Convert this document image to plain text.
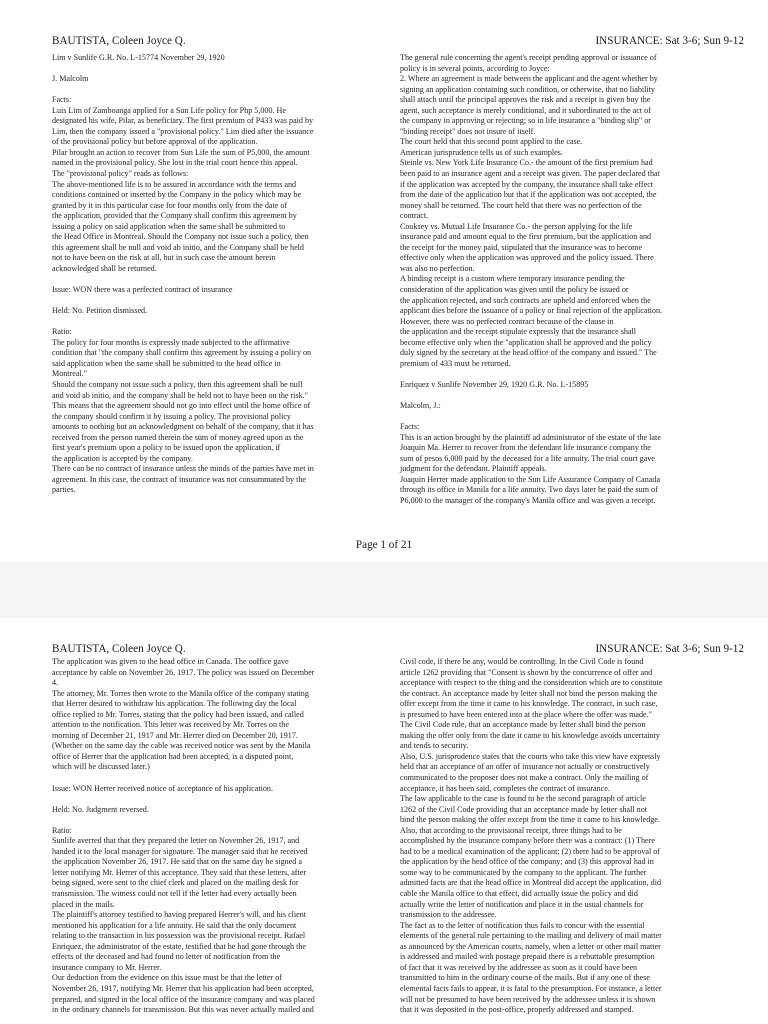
BAUTISTA, Coleen Joyce Q.	INSURANCE: Sat 3-6; Sun 9-12

Lim v Sunlife G.R. No. L-15774 November 29, 1920

J. Malcolm

Facts:

Luis Lim of Zamboanga applied for a Sun Life policy for Php 5,000. He

designated his wife, Pilar, as beneficiary. The first premium of P433 was paid by

Lim, then the company issued a "provisional policy." Lim died after the issuance

of the provisional policy but before approval of the application.

Pilar brought an action to recover from Sun Life the sum of P5,000, the amount

named in the provisional policy. She lost in the trial court hence this appeal.

The "provisional policy" reads as follows:

The above-mentioned life is to be assured in accordance with the terms and

conditions contained or inserted by the Company in the policy which may be

granted by it in this particular case for four months only from the date of

the application, provided that the Company shall confirm this agreement by

issuing a policy on said application when the same shall be submitted to

the Head Office in Montreal. Should the Company not issue such a policy, then

this agreement shall be null and void ab initio, and the Company shall be held

not to have been on the risk at all, but in such case the amount herein

acknowledged shall be returned.

Issue: WON there was a perfected contract of insurance

Held: No. Petition dismissed.

Ratio:

The policy for four months is expressly made subjected to the affirmative

condition that "the company shall confirm this agreement by issuing a policy on

said application when the same shall be submitted to the head office in

Montreal."

Should the company not issue such a policy, then this agreement shall be null

and void ab initio, and the company shall be held not to have been on the risk."

This means that the agreement should not go into effect until the home office of

the company should confirm it by issuing a policy. The provisional policy

amounts to nothing but an acknowledgment on behalf of the company, that it has

received from the person named therein the sum of money agreed upon as the

first year's premium upon a policy to be issued upon the application, if

the application is accepted by the company.

There can be no contract of insurance unless the minds of the parties have met in

agreement. In this case, the contract of insurance was not consummated by the

parties.

The general rule concerning the agent's receipt pending approval or issuance of

policy is in several points, according to Joyce:

2. Where an agreement is made between the applicant and the agent whether by

signing an application containing such condition, or otherwise, that no liability

shall attach until the principal approves the risk and a receipt is given buy the

agent, such acceptance is merely conditional, and it subordinated to the act of

the company in approving or rejecting; so in life insurance a "binding slip" or

"binding receipt" does not insure of itself.

The court held that this second point applied to the case.

American jurisprudence tells us of such examples.

Steinle vs. New York Life Insurance Co.- the amount of the first premium had

been paid to an insurance agent and a receipt was given. The paper declared that

if the application was accepted by the company, the insurance shall take effect

from the date of the application but that if the application was not accepted, the

money shall be returned. The court held that there was no perfection of the

contract.

Cooksey vs. Mutual Life Insurance Co.- the person applying for the life

insurance paid and amount equal to the first premium, but the application and

the receipt for the money paid, stipulated that the insurance was to become

effective only when the application was approved and the policy issued. There

was also no perfection.

A binding receipt is a custom where temporary insurance pending the

consideration of the application was given until the policy be issued or

the application rejected, and such contracts are upheld and enforced when the

applicant dies before the issuance of a policy or final rejection of the application.

However, there was no perfected contract because of the clause in

the application and the receipt stipulate expressly that the insurance shall

become effective only when the "application shall be approved and the policy

duly signed by the secretary at the head office of the company and issued." The

premium of 433 must be returned.

Enriquez v Sunlife November 29, 1920 G.R. No. L-15895

Malcolm, J.:

Facts:

This is an action brought by the plaintiff ad administrator of the estate of the late

Joaquin Ma. Herrer to recover from the defendant life insurance company the

sum of pesos 6,000 paid by the deceased for a life annuity. The trial court gave

judgment for the defendant. Plaintiff appeals.

Joaquin Herrer made application to the Sun Life Assurance Company of Canada

through its office in Manila for a life annuity. Two days later he paid the sum of

P6,000 to the manager of the company's Manila office and was given a receipt.

Page 1 of 21
BAUTISTA, Coleen Joyce Q.	INSURANCE: Sat 3-6; Sun 9-12

The application was given to the head office in Canada. The ooffice gave

acceptance by cable on November 26, 1917. The policy was issued on December

4.

The attorney, Mr. Torres then wrote to the Manila office of the company stating

that Herrer desired to withdraw his application. The following day the local

office replied to Mr. Torres, stating that the policy had been issued, and called

attention to the notification. This letter was received by Mr. Torres on the

morning of December 21, 1917 and Mr. Herrer died on December 20, 1917.

(Whether on the same day the cable was received notice was sent by the Manila

office of Herrer that the application had been accepted, is a disputed point,

which will be discussed later.)

Issue: WON Herrer received notice of acceptance of his application.

Held: No. Judgment reversed.

Ratio:

Sunlife averred that that they prepared the letter on November 26, 1917, and

handed it to the local manager for signature. The manager said that he received

the application November 26, 1917. He said that on the same day he signed a

letter notifying Mr. Herrer of this acceptance. They said that these letters, after

being signed, were sent to the chief clerk and placed on the mailing desk for

transmission. The witness could not tell if the letter had every actually been

placed in the mails.

The plaintiff's attorney testified to having prepared Herrer's will, and his client

mentioned his application for a life annuity. He said that the only document

relating to the transaction in his possession was the provisional receipt. Rafael

Enriquez, the administrator of the estate, testified that he had gone through the

effects of the deceased and had found no letter of notification from the

insurance company to Mr. Herrer.

Our deduction from the evidence on this issue must be that the letter of

November 26, 1917, notifying Mr. Herrer that his application had been accepted,

prepared, and signed in the local office of the insurance company and was placed

in the ordinary channels for transmission. But this was never actually mailed and

Civil code, if there be any, would be controlling. In the Civil Code is found

article 1262 providing that "Consent is shown by the concurrence of offer and

acceptance with respect to the thing and the consideration which are to constitute

the contract. An acceptance made by letter shall not bind the person making the

offer except from the time it came to his knowledge. The contract, in such case,

is presumed to have been entered into at the place where the offer was made."

The Civil Code rule, that an acceptance made by letter shall bind the person

making the offer only from the date it came to his knowledge avoids uncertainty

and tends to security.

Also, U.S. jurisprudence states that the courts who take this view have expressly

held that an acceptance of an offer of insurance not actually or constructively

communicated to the proposer does not make a contract. Only the mailing of

acceptance, it has been said, completes the contract of insurance.

The law applicable to the case is found to be the second paragraph of article

1262 of the Civil Code providing that an acceptance made by letter shall not

bind the person making the offer except from the time it came to his knowledge.

Also, that according to the provisional receipt, three things had to be

accomplished by the insurance company before there was a contract: (1) There

had to be a medical examination of the applicant; (2) there had to be approval of

the application by the head office of the company; and (3) this approval had in

some way to be communicated by the company to the applicant. The further

admitted facts are that the head office in Montreal did accept the application, did

cable the Manila office to that effect, did actually issue the policy and did

actually write the letter of notification and place it in the usual channels for

transmission to the addressee.

The fact as to the letter of notification thus fails to concur with the essential

elements of the general rule pertaining to the mailing and delivery of mail matter

as announced by the American courts, namely, when a letter or other mail matter

is addressed and mailed with postage prepaid there is a rebuttable presumption

of fact that it was received by the addressee as soon as it could have been

transmitted to him in the ordinary course of the mails. But if any one of these

elemental facts fails to appear, it is fatal to the presumption. For instance, a letter

will not be presumed to have been received by the addressee unless it is shown

that it was deposited in the post-office, properly addressed and stamped.
